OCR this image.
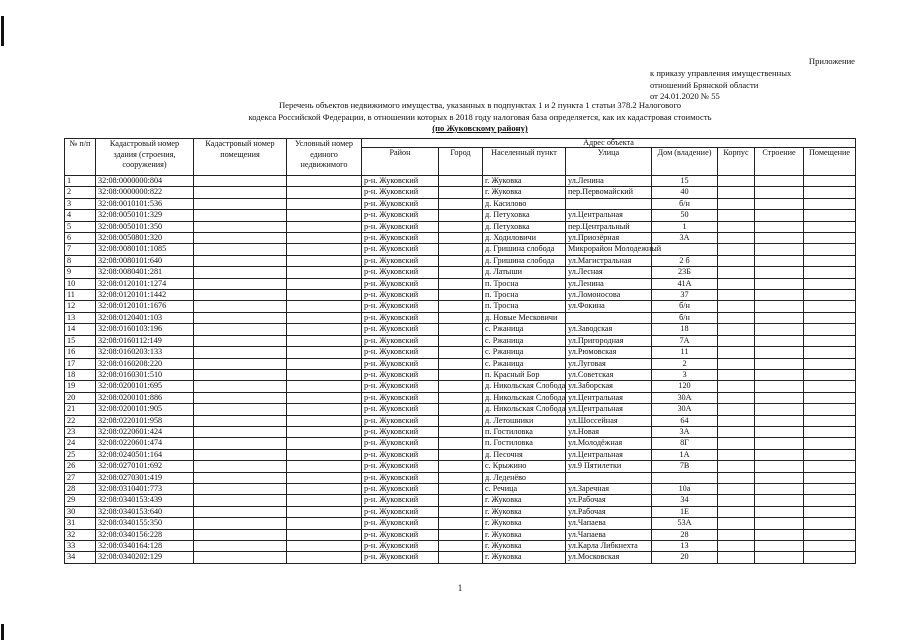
Приложение
к приказу управления имущественных
отношений Брянской области
от 24.01.2020 № 55
Перечень объектов недвижимого имущества, указанных в подпунктах 1 и 2 пункта 1 статьи 378.2 Налогового
кодекса Российской Федерации, в отношении которых в 2018 году налоговая база определяется, как их кадастровая стоимость
(по Жуковскому району)
№ п/п	Кадастровый номер здания (строения, сооружения)	Кадастровый номер помещения	Условный номер единого недвижимого	Адрес объекта							
				Район	Город	Населенный пункт	Улица	Дом (владение)	Корпус	Строение	Помещение
1	32:08:0000000:804			р-н. Жуковский		г. Жуковка	ул.Ленина	15			
2	32:08:0000000:822			р-н. Жуковский		г. Жуковка	пер.Первомайский	40			
3	32:08:0010101:536			р-н. Жуковский		д. Касилово		б/н			
4	32:08:0050101:329			р-н. Жуковский		д. Петуховка	ул.Центральная	50			
5	32:08:0050101:350			р-н. Жуковский		д. Петуховка	пер.Центральный	1			
6	32:08:0050801:320			р-н. Жуковский		д. Ходиловичи	ул.Приозёрная	3А			
7	32:08:0080101:1085			р-н. Жуковский		д. Гришина слобода	Микрорайон Молодежный				
8	32:08:0080101:640			р-н. Жуковский		д. Гришина слобода	ул.Магистральная	2 б			
9	32:08:0080401:281			р-н. Жуковский		д. Латыши	ул.Лесная	23Б			
10	32:08:0120101:1274			р-н. Жуковский		п. Тросна	ул.Ленина	41А			
11	32:08:0120101:1442			р-н. Жуковский		п. Тросна	ул.Ломоносова	37			
12	32:08:0120101:1676			р-н. Жуковский		п. Тросна	ул.Фокина	б/н			
13	32:08:0120401:103			р-н. Жуковский		д. Новые Месковичи		б/н			
14	32:08:0160103:196			р-н. Жуковский		с. Ржаница	ул.Заводская	18			
15	32:08:0160112:149			р-н. Жуковский		с. Ржаница	ул.Пригородная	7А			
16	32:08:0160203:133			р-н. Жуковский		с. Ржаница	ул.Рюмовская	11			
17	32:08:0160208:220			р-н. Жуковский		с. Ржаница	ул.Луговая	2			
18	32:08:0160301:510			р-н. Жуковский		п. Красный Бор	ул.Советская	3			
19	32:08:0200101:695			р-н. Жуковский		д. Никольская Слобода	ул.Заборская	120			
20	32:08:0200101:886			р-н. Жуковский		д. Никольская Слобода	ул.Центральная	30А			
21	32:08:0200101:905			р-н. Жуковский		д. Никольская Слобода	ул.Центральная	30А			
22	32:08:0220101:958			р-н. Жуковский		д. Летошники	ул.Шоссейная	64			
23	32:08:0220601:424			р-н. Жуковский		п. Гостиловка	ул.Новая	3А			
24	32:08:0220601:474			р-н. Жуковский		п. Гостиловка	ул.Молодёжная	8Г			
25	32:08:0240501:164			р-н. Жуковский		д. Песочня	ул.Центральная	1А			
26	32:08:0270101:692			р-н. Жуковский		с. Крыжино	ул.9 Пятилетки	7В			
27	32:08:0270301:419			р-н. Жуковский		д. Леденёво					
28	32:08:0310401:773			р-н. Жуковский		с. Речица	ул.Заречная	10а			
29	32:08:0340153:439			р-н. Жуковский		г. Жуковка	ул.Рабочая	34			
30	32:08:0340153:640			р-н. Жуковский		г. Жуковка	ул.Рабочая	1Е			
31	32:08:0340155:350			р-н. Жуковский		г. Жуковка	ул.Чапаева	53А			
32	32:08:0340156:228			р-н. Жуковский		г. Жуковка	ул.Чапаева	28			
33	32:08:0340164:128			р-н. Жуковский		г. Жуковка	ул.Карла Либкнехта	13			
34	32:08:0340202:129			р-н. Жуковский		г. Жуковка	ул.Московская	20			
1
